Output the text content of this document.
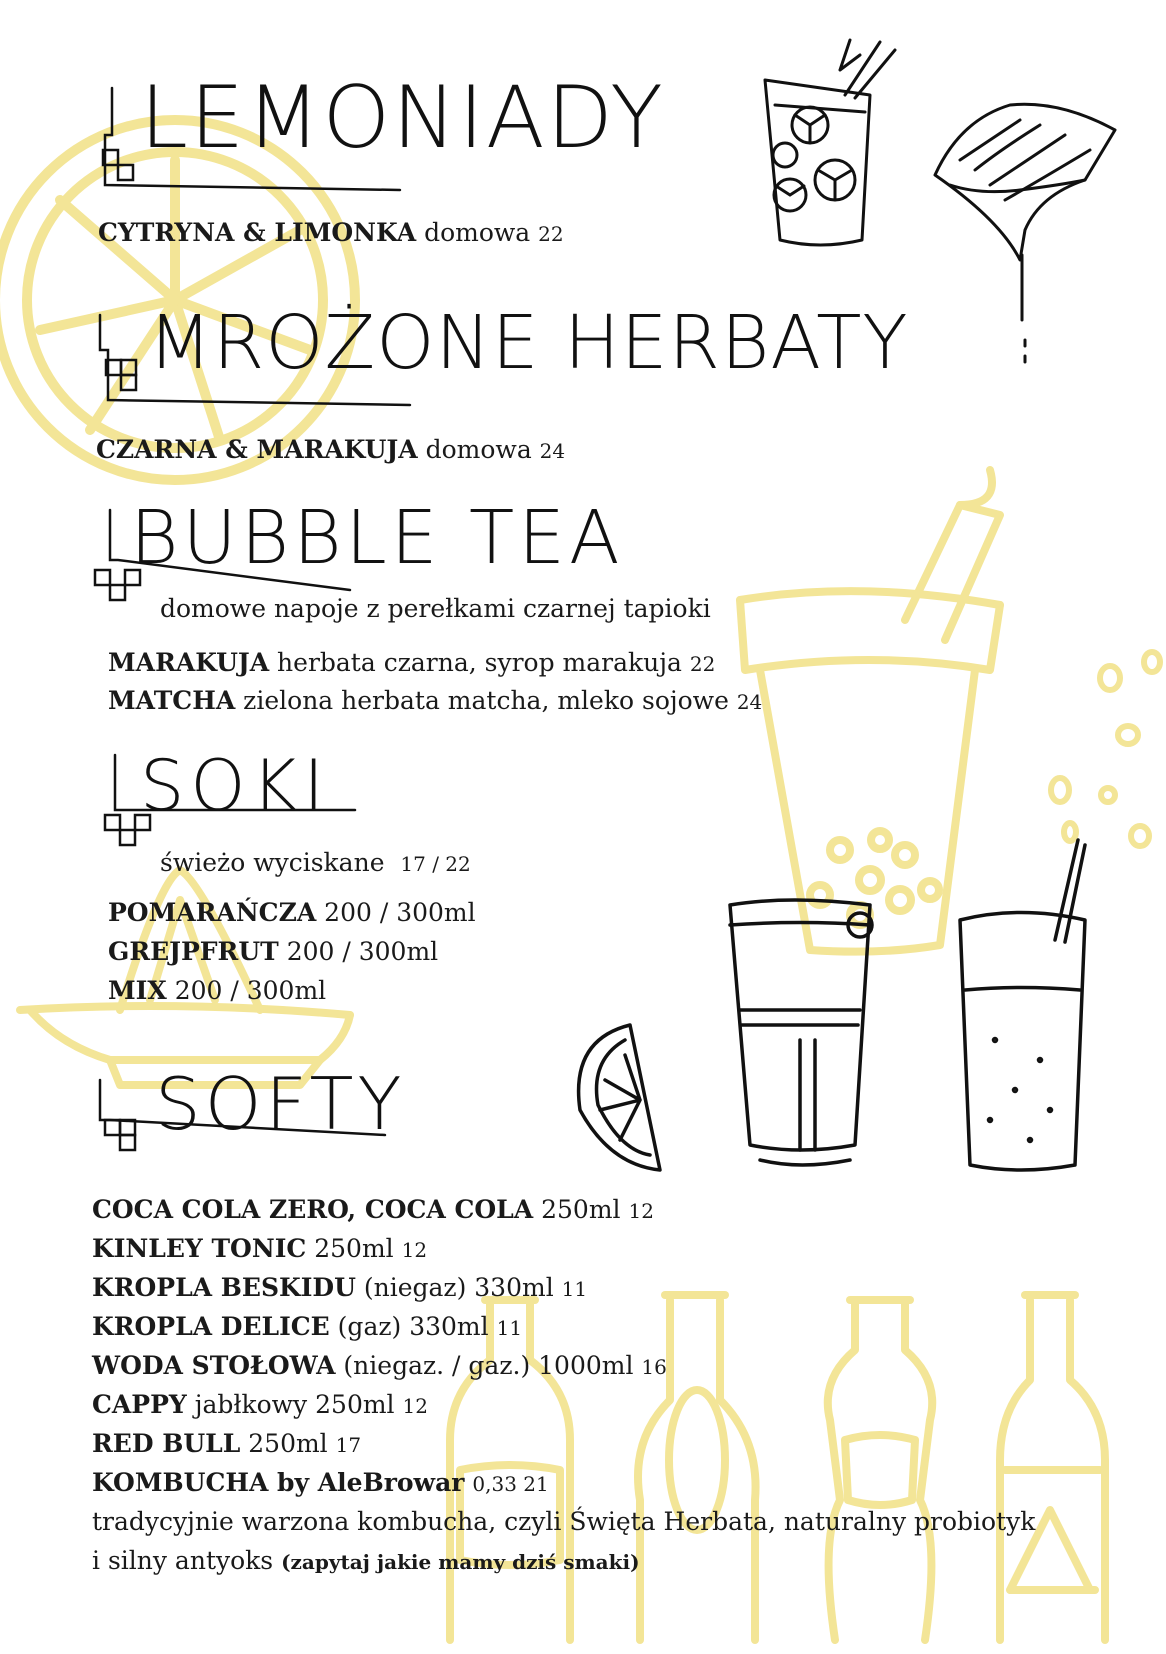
LEMONIADY
CYTRYNA & LIMONKA domowa 22
MROŻONE HERBATY
CZARNA & MARAKUJA domowa 24
BUBBLE TEA
domowe napoje z perełkami czarnej tapioki
MARAKUJA herbata czarna, syrop marakuja 22
MATCHA zielona herbata matcha, mleko sojowe 24
SOKI
świeżo wyciskane 17 / 22
POMARAŃCZA 200 / 300ml
GREJPFRUT 200 / 300ml
MIX 200 / 300ml
SOFTY
COCA COLA ZERO, COCA COLA 250ml 12
KINLEY TONIC 250ml 12
KROPLA BESKIDU (niegaz) 330ml 11
KROPLA DELICE (gaz) 330ml 11
WODA STOŁOWA (niegaz. / gaz.) 1000ml 16
CAPPY jabłkowy 250ml 12
RED BULL 250ml 17
KOMBUCHA by AleBrowar 0,33 21
tradycyjnie warzona kombucha, czyli Święta Herbata, naturalny probiotyk
i silny antyoks (zapytaj jakie mamy dziś smaki)
